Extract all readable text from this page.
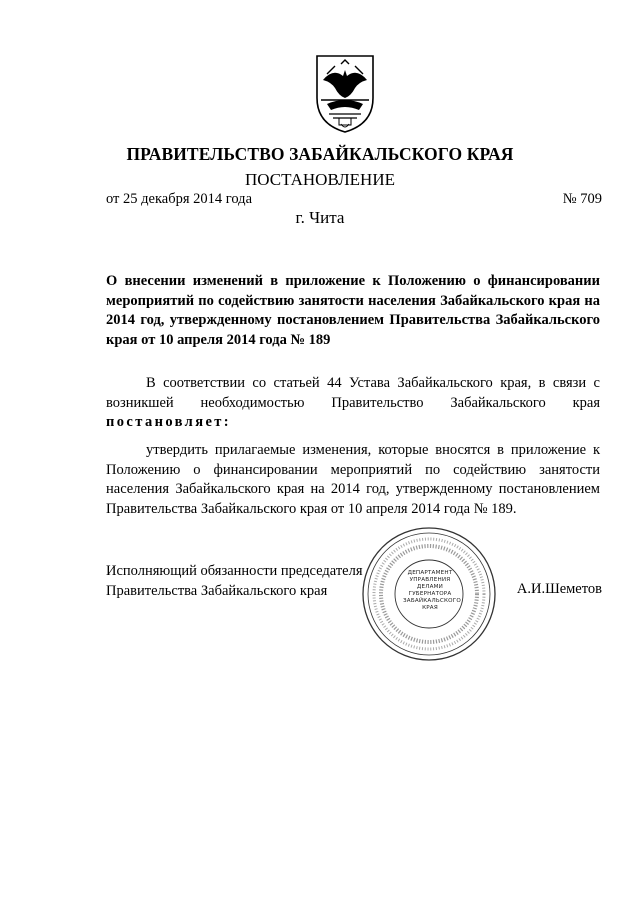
ПРАВИТЕЛЬСТВО ЗАБАЙКАЛЬСКОГО КРАЯ
ПОСТАНОВЛЕНИЕ
от 25 декабря 2014 года	№ 709
г. Чита
О внесении изменений в приложение к Положению о финансировании мероприятий по содействию занятости населения Забайкальского края на 2014 год, утвержденному постановлением Правительства Забайкальского края от 10 апреля 2014 года № 189
В соответствии со статьей 44 Устава Забайкальского края, в связи с возникшей необходимостью Правительство Забайкальского края постановляет:
утвердить прилагаемые изменения, которые вносятся в приложение к Положению о финансировании мероприятий по содействию занятости населения Забайкальского края на 2014 год, утвержденному постановлением Правительства Забайкальского края от 10 апреля 2014 года № 189.
Исполняющий обязанности председателя
Правительства Забайкальского края	А.И.Шеметов
ДЕПАРТАМЕНТ
УПРАВЛЕНИЯ
ДЕЛАМИ
ГУБЕРНАТОРА
ЗАБАЙКАЛЬСКОГО
КРАЯ
